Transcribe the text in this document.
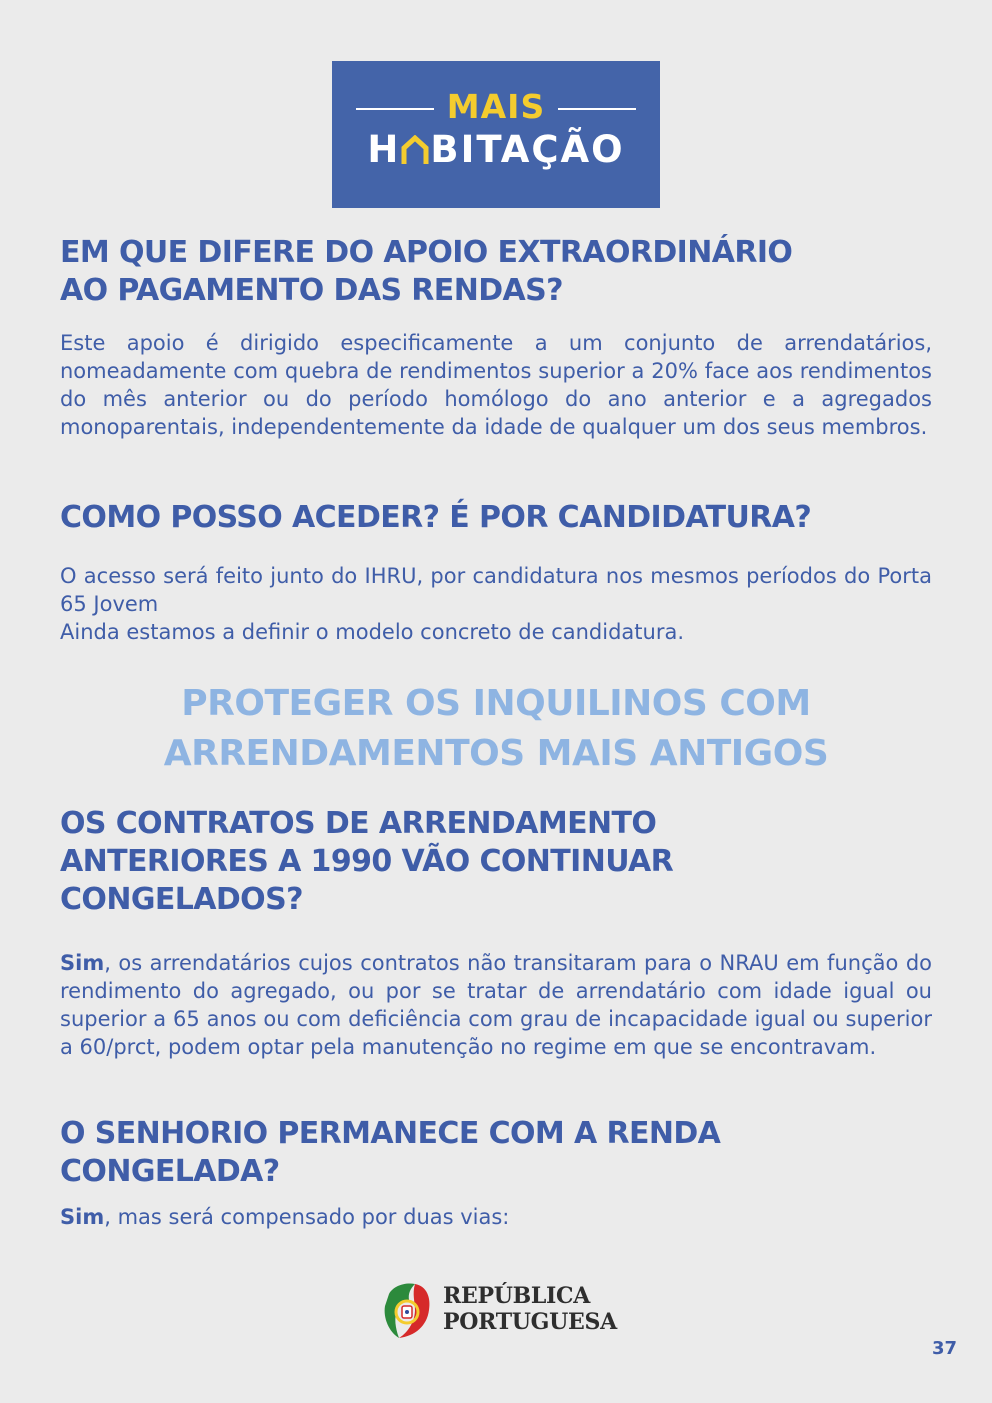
MAIS
H BITAÇÃO
EM QUE DIFERE DO APOIO EXTRAORDINÁRIO
AO PAGAMENTO DAS RENDAS?

Este apoio é dirigido especificamente a um conjunto de arrendatários, nomeadamente com quebra de rendimentos superior a 20% face aos rendimentos do mês anterior ou do período homólogo do ano anterior e a agregados monoparentais, independentemente da idade de qualquer um dos seus membros.

COMO POSSO ACEDER? É POR CANDIDATURA?

O acesso será feito junto do IHRU, por candidatura nos mesmos períodos do Porta 65 Jovem

Ainda estamos a definir o modelo concreto de candidatura.

PROTEGER OS INQUILINOS COM
ARRENDAMENTOS MAIS ANTIGOS
OS CONTRATOS DE ARRENDAMENTO
ANTERIORES A 1990 VÃO CONTINUAR
CONGELADOS?

Sim, os arrendatários cujos contratos não transitaram para o NRAU em função do rendimento do agregado, ou por se tratar de arrendatário com idade igual ou superior a 65 anos ou com deficiência com grau de incapacidade igual ou superior a 60/prct, podem optar pela manutenção no regime em que se encontravam.

O SENHORIO PERMANECE COM A RENDA
CONGELADA?

Sim, mas será compensado por duas vias:

REPÚBLICA
PORTUGUESA
37
